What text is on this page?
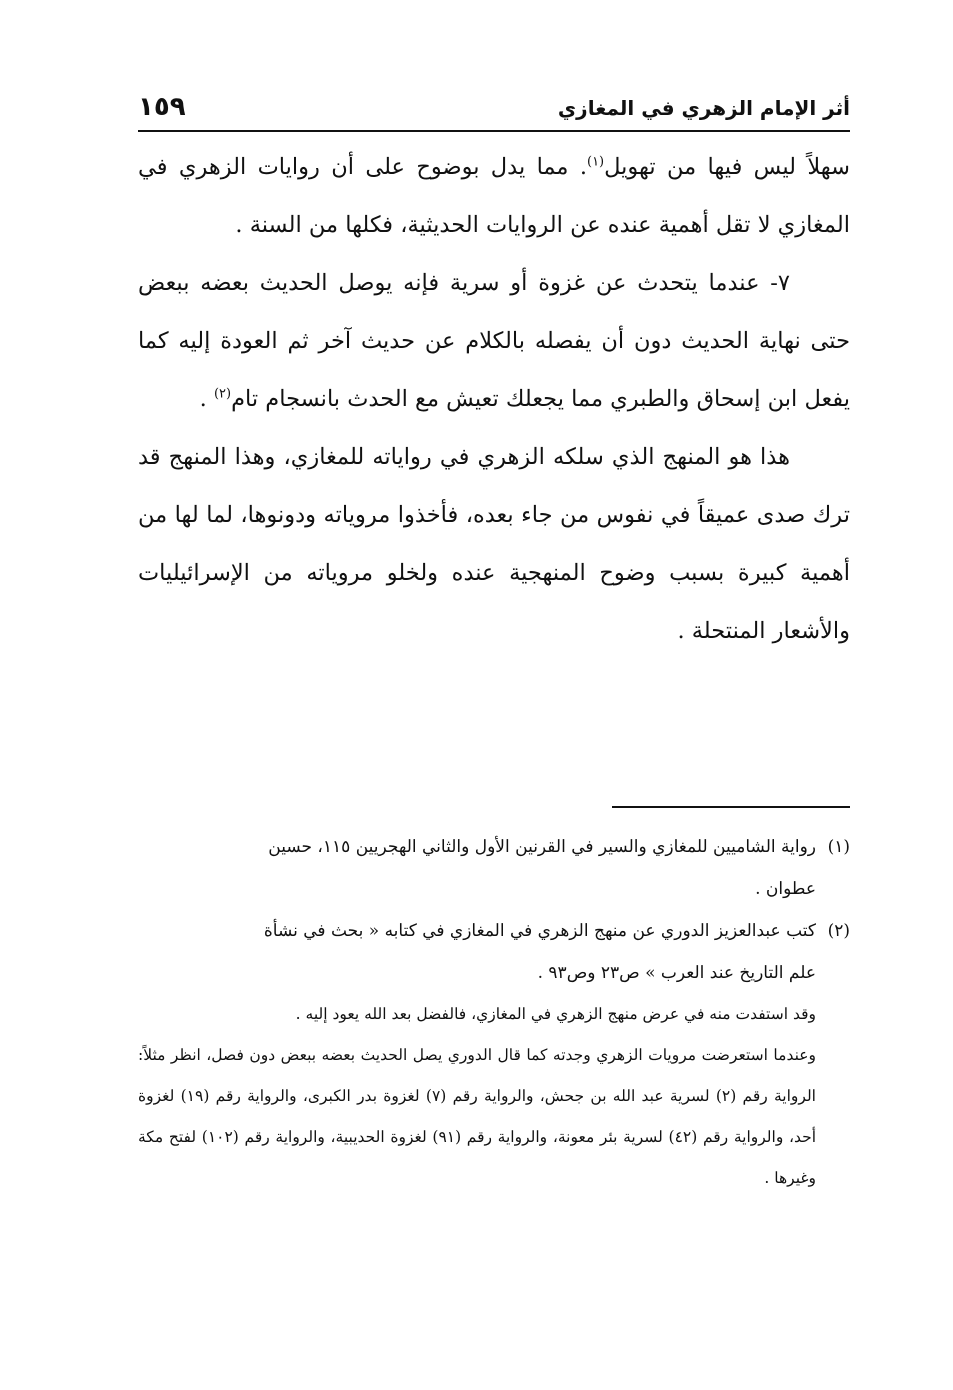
أثر الإمام الزهري في المغازي
١٥٩

سهلاً ليس فيها من تهويل$^{(١)}$. مما يدل بوضوح على أن روايات الزهري في المغازي لا تقل أهمية عنده عن الروايات الحديثية، فكلها من السنة .

٧- عندما يتحدث عن غزوة أو سرية فإنه يوصل الحديث بعضه ببعض حتى نهاية الحديث دون أن يفصله بالكلام عن حديث آخر ثم العودة إليه كما يفعل ابن إسحاق والطبري مما يجعلك تعيش مع الحدث بانسجام تام$^{(٢)}$ .

هذا هو المنهج الذي سلكه الزهري في رواياته للمغازي، وهذا المنهج قد ترك صدى عميقاً في نفوس من جاء بعده، فأخذوا مروياته ودونوها، لما لها من أهمية كبيرة بسبب وضوح المنهجية عنده ولخلو مروياته من الإسرائيليات والأشعار المنتحلة .

(١)رواية الشاميين للمغازي والسير في القرنين الأول والثاني الهجريين ١١٥، حسين

عطوان .

(٢)كتب عبدالعزيز الدوري عن منهج الزهري في المغازي في كتابه « بحث في نشأة

علم التاريخ عند العرب » ص٢٣ وص٩٣ .

وقد استفدت منه في عرض منهج الزهري في المغازي، فالفضل بعد الله يعود إليه .

وعندما استعرضت مرويات الزهري وجدته كما قال الدوري يصل الحديث بعضه ببعض دون فصل، انظر مثلاً: الرواية رقم (٢) لسرية عبد الله بن جحش، والرواية رقم (٧) لغزوة بدر الكبرى، والرواية رقم (١٩) لغزوة أحد، والرواية رقم (٤٢) لسرية بئر معونة، والرواية رقم (٩١) لغزوة الحديبية، والرواية رقم (١٠٢) لفتح مكة وغيرها .
